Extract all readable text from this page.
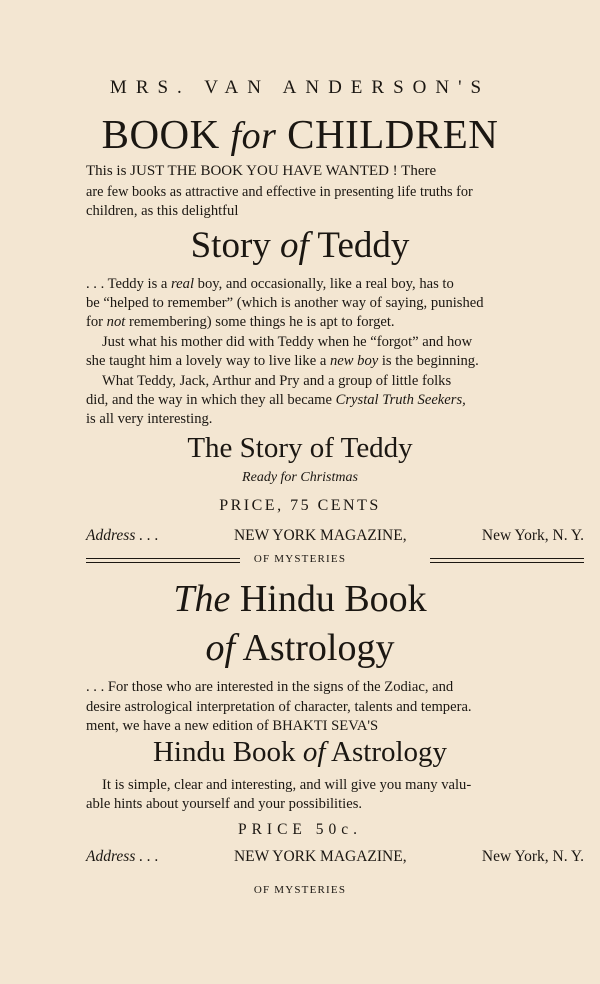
MRS. VAN ANDERSON'S
BOOK for CHILDREN
This is JUST THE BOOK YOU HAVE WANTED ! There
are few books as attractive and effective in presenting life truths for
children, as this delightful
Story of Teddy
. . . Teddy is a real boy, and occasionally, like a real boy, has to
be “helped to remember” (which is another way of saying, punished
for not remembering) some things he is apt to forget.
Just what his mother did with Teddy when he “forgot” and how
she taught him a lovely way to live like a new boy is the beginning.
What Teddy, Jack, Arthur and Pry and a group of little folks
did, and the way in which they all became Crystal Truth Seekers,
is all very interesting.
The Story of Teddy
Ready for Christmas
PRICE, 75 CENTS
Address . . .	NEW YORK MAGAZINE,	New York, N. Y.
OF MYSTERIES
The Hindu Book
of Astrology
. . . For those who are interested in the signs of the Zodiac, and
desire astrological interpretation of character, talents and tempera.
ment, we have a new edition of BHAKTI SEVA'S
Hindu Book of Astrology
It is simple, clear and interesting, and will give you many valu-
able hints about yourself and your possibilities.
PRICE 50c.
Address . . .	NEW YORK MAGAZINE,	New York, N. Y.
OF MYSTERIES
